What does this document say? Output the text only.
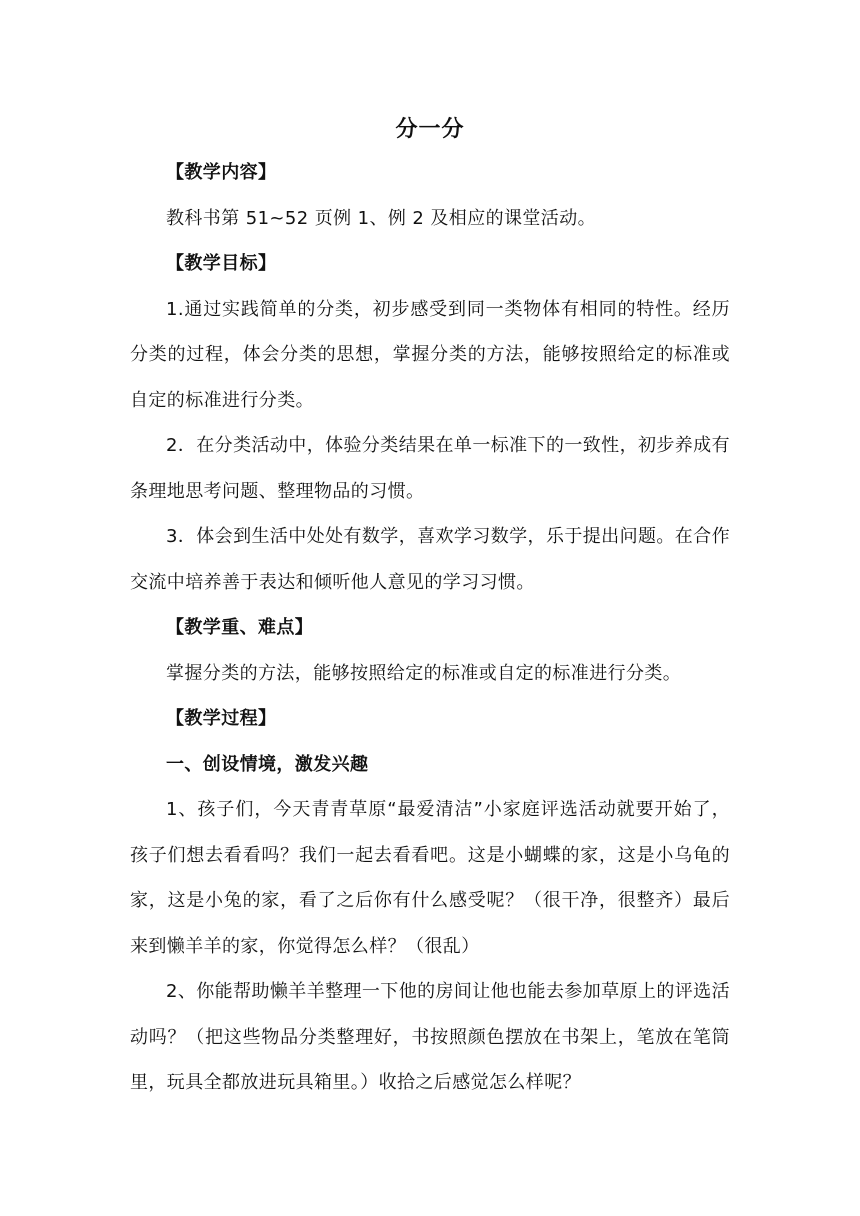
分一分

【教学内容】

教科书第 51~52 页例 1、例 2 及相应的课堂活动。

【教学目标】

1.通过实践简单的分类，初步感受到同一类物体有相同的特性。经历分类的过程，体会分类的思想，掌握分类的方法，能够按照给定的标准或自定的标准进行分类。

2．在分类活动中，体验分类结果在单一标准下的一致性，初步养成有条理地思考问题、整理物品的习惯。

3．体会到生活中处处有数学，喜欢学习数学，乐于提出问题。在合作交流中培养善于表达和倾听他人意见的学习习惯。

【教学重、难点】

掌握分类的方法，能够按照给定的标准或自定的标准进行分类。

【教学过程】

一、创设情境，激发兴趣

1、孩子们，今天青青草原“最爱清洁”小家庭评选活动就要开始了，孩子们想去看看吗？我们一起去看看吧。这是小蝴蝶的家，这是小乌龟的家，这是小兔的家，看了之后你有什么感受呢？（很干净，很整齐）最后来到懒羊羊的家，你觉得怎么样？（很乱）

2、你能帮助懒羊羊整理一下他的房间让他也能去参加草原上的评选活动吗？（把这些物品分类整理好，书按照颜色摆放在书架上，笔放在笔筒里，玩具全都放进玩具箱里。）收拾之后感觉怎么样呢？
